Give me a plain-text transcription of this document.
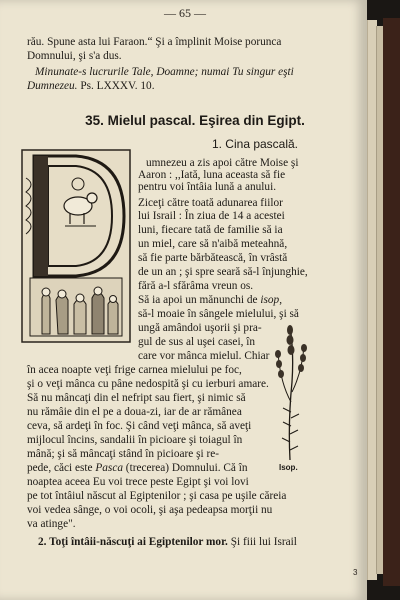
— 65 —
rău. Spune asta lui Faraon.“ Şi a împlinit Moise porunca
Domnului, şi s'a dus.
Minunate-s lucrurile Tale, Doamne; numai Tu singur eşti
Dumnezeu. Ps. LXXXV. 10.
35. Mielul pascal. Eşirea din Egipt.
1. Cina pascală.
umnezeu a zis apoi către Moise şi
Aaron : ,,Iată, luna aceasta să fie
pentru voi întâia lună a anului.
Ziceţi către toată adunarea fiilor
lui Israil : În ziua de 14 a acestei
luni, fiecare tată de familie să ia
un miel, care să n'aibă meteahnă,
să fie parte bărbătească, în vrâstă
de un an ; şi spre seară să-l înjunghie,
fără a-l sfărâma vreun os.
Să ia apoi un mănunchi de isop,
să-l moaie în sângele mielului, şi să
ungă amândoi uşorii şi pra-
gul de sus al uşei casei, în
care vor mânca mielul. Chiar
Isop.
în acea noapte veţi frige carnea mielului pe foc,
şi o veţi mânca cu pâne nedospită şi cu ierburi amare.
Să nu mâncaţi din el nefript sau fiert, şi nimic să
nu rămâie din el pe a doua-zi, iar de ar rămânea
ceva, să ardeţi în foc. Şi când veţi mânca, să aveţi
mijlocul încins, sandalii în picioare şi toiagul în
mână; şi să mâncaţi stând în picioare şi re-
pede, căci este Pasca (trecerea) Domnului. Că în
noaptea aceea Eu voi trece peste Egipt şi voi lovi
pe tot întâiul născut al Egiptenilor ; şi casa pe uşile căreia
voi vedea sânge, o voi ocoli, şi aşa pedeapsa morţii nu
va atinge".
2. Toţi întâii-născuţi ai Egiptenilor mor. Şi fiii lui Israil
3
